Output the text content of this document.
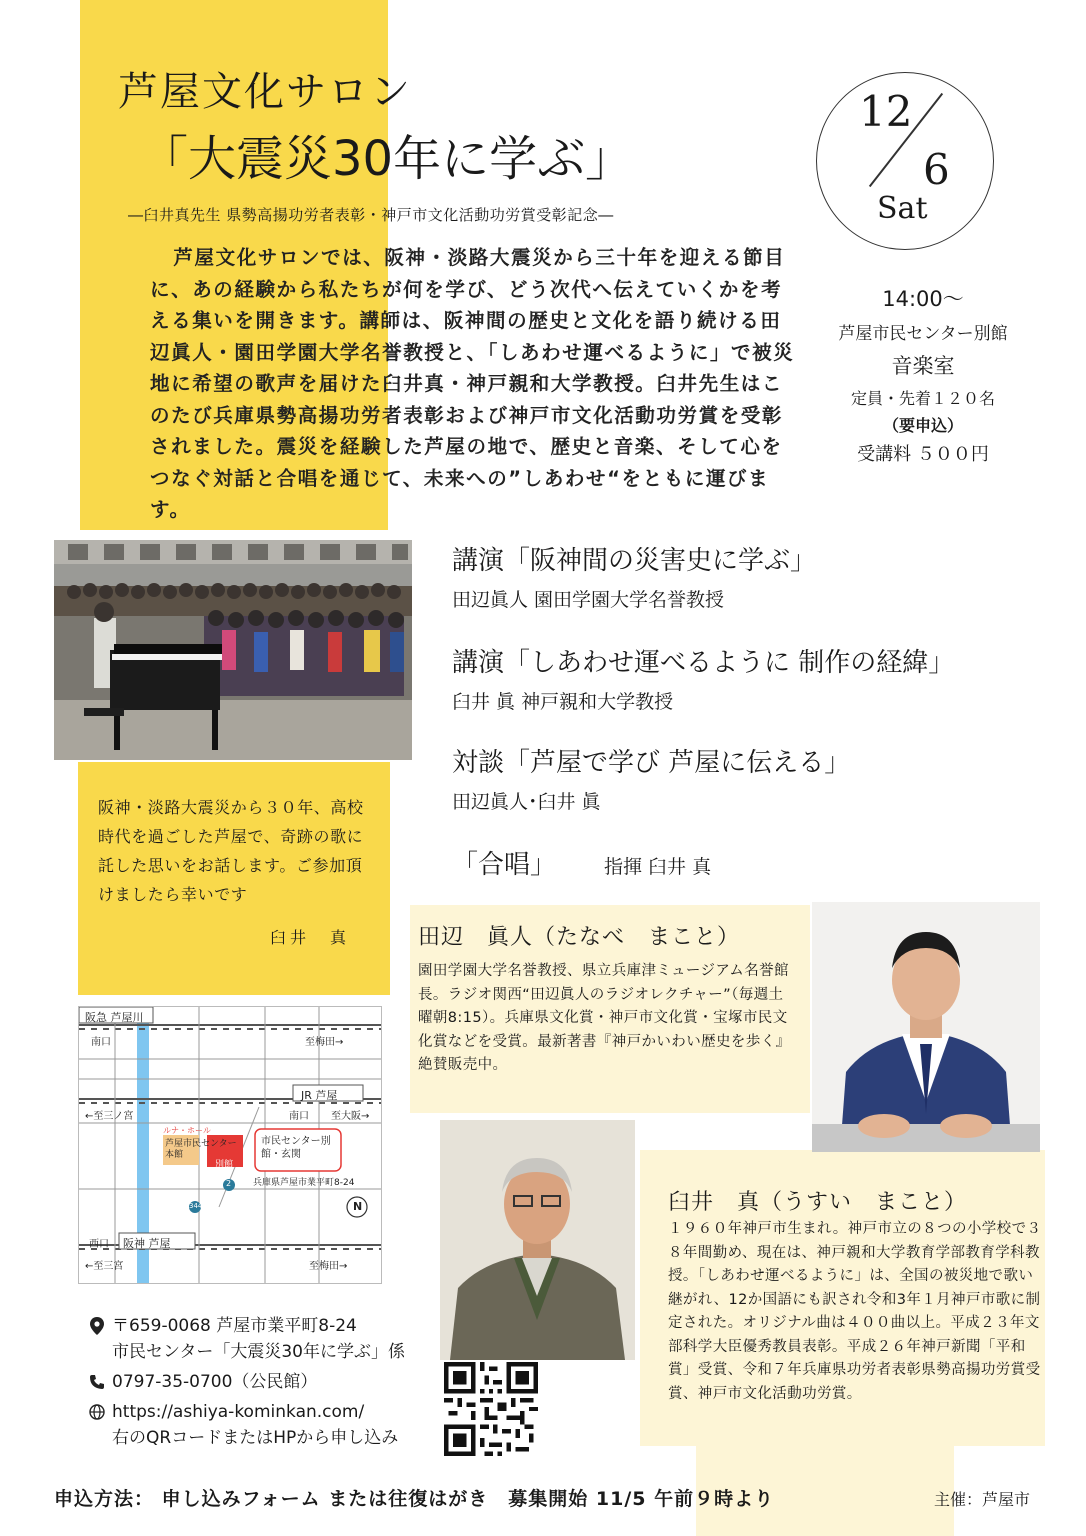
芦屋文化サロン
「大震災30年に学ぶ」
―臼井真先生 県勢高揚功労者表彰・神戸市文化活動功労賞受彰記念―
芦屋文化サロンでは、阪神・淡路大震災から三十年を迎える節目に、あの経験から私たちが何を学び、どう次代へ伝えていくかを考える集いを開きます。講師は、阪神間の歴史と文化を語り続ける田辺眞人・園田学園大学名誉教授と、「しあわせ運べるように」で被災地に希望の歌声を届けた臼井真・神戸親和大学教授。臼井先生はこのたび兵庫県勢高揚功労者表彰および神戸市文化活動功労賞を受彰されました。震災を経験した芦屋の地で、歴史と音楽、そして心をつなぐ対話と合唱を通じて、未来への”しあわせ“をともに運びます。
12
6
Sat
14:00～
芦屋市民センター別館
音楽室
定員・先着１２０名
（要申込）
受講料 ５００円
講演「阪神間の災害史に学ぶ」
田辺眞人 園田学園大学名誉教授
講演「しあわせ運べるように 制作の経緯」
臼井 眞 神戸親和大学教授
対談「芦屋で学び 芦屋に伝える」
田辺眞人･臼井 眞
「合唱」	指揮 臼井 真
阪神・淡路大震災から３０年、高校時代を過ごした芦屋で、奇跡の歌に託した思いをお話します。ご参加頂けましたら幸いです
臼井　真	田辺　眞人（たなべ　まこと）
園田学園大学名誉教授、県立兵庫津ミュージアム名誉館長。ラジオ関西“田辺眞人のラジオレクチャー”（毎週土曜朝8:15）。兵庫県文化賞・神戸市文化賞・宝塚市民文化賞などを受賞。最新著書『神戸かいわい歴史を歩く』絶賛販売中。
臼井　真（うすい　まこと）
１９６０年神戸市生まれ。神戸市立の８つの小学校で３８年間勤め、現在は、神戸親和大学教育学部教育学科教授。「しあわせ運べるように」は、全国の被災地で歌い継がれ、12か国語にも訳され令和3年１月神戸市歌に制定された。オリジナル曲は４００曲以上。平成２３年文部科学大臣優秀教員表彰。平成２６年神戸新聞「平和賞」受賞、令和７年兵庫県功労者表彰県勢高揚功労賞受賞、神戸市文化活動功労賞。
阪急 芦屋川
南口	至梅田→
JR 芦屋
←至三ノ宮	南口 至大阪→
ルナ・ホール
芦屋市民センター本館
別館
市民センター別館・玄関
兵庫県芦屋市業平町8-24
2
344	N
西口 阪神 芦屋
←至三宮	至梅田→
〒659-0068 芦屋市業平町8-24
市民センター「大震災30年に学ぶ」係
0797-35-0700（公民館）
https://ashiya-kominkan.com/
右のQRコードまたはHPから申し込み
申込方法： 申し込みフォーム または往復はがき　募集開始 11/5 午前９時より	主催：芦屋市
